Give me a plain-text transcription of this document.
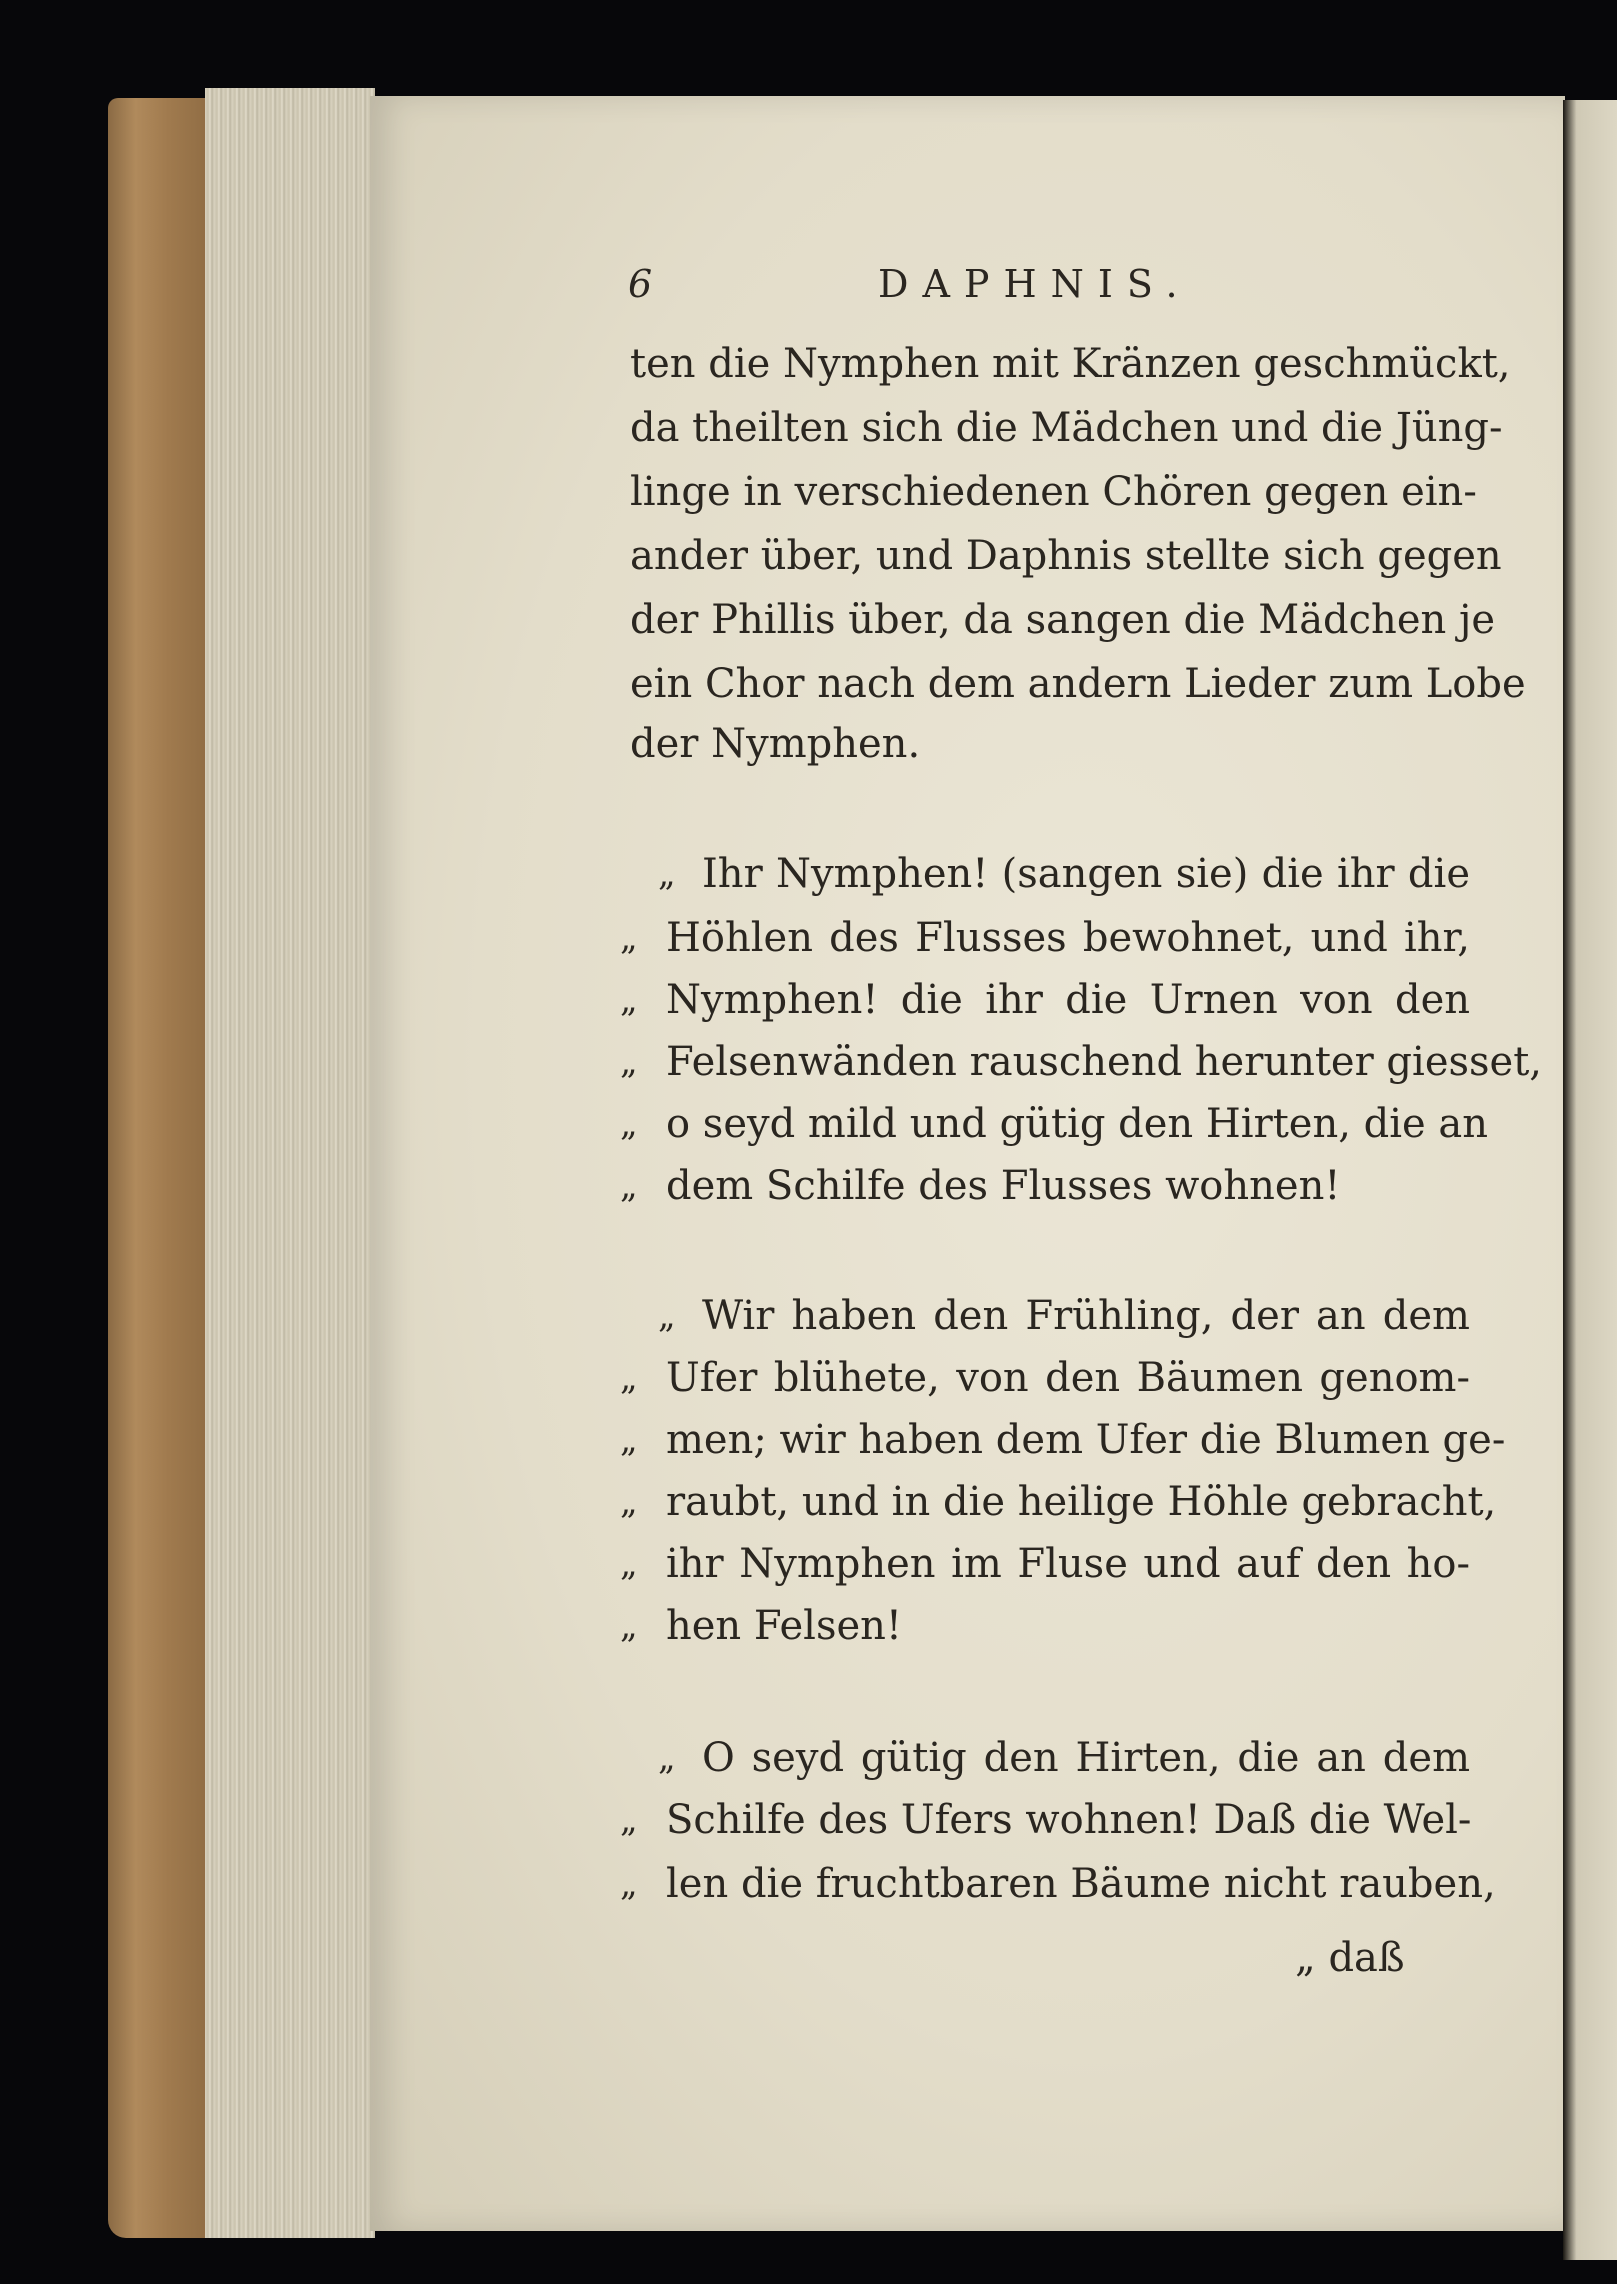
6	DAPHNIS.
ten die Nymphen mit Kränzen geschmückt,
da theilten sich die Mädchen und die Jüng-
linge in verschiedenen Chören gegen ein-
ander über, und Daphnis stellte sich gegen
der Phillis über, da sangen die Mädchen je
ein Chor nach dem andern Lieder zum Lobe
der Nymphen.
„ Ihr Nymphen! (sangen sie) die ihr die
„ Höhlen des Flusses bewohnet, und ihr,
„ Nymphen! die ihr die Urnen von den
„ Felsenwänden rauschend herunter giesset,
„ o seyd mild und gütig den Hirten, die an
„ dem Schilfe des Flusses wohnen!
„ Wir haben den Frühling, der an dem
„ Ufer blühete, von den Bäumen genom-
„ men; wir haben dem Ufer die Blumen ge-
„ raubt, und in die heilige Höhle gebracht,
„ ihr Nymphen im Fluse und auf den ho-
„ hen Felsen!
„ O seyd gütig den Hirten, die an dem
„ Schilfe des Ufers wohnen! Daß die Wel-
„ len die fruchtbaren Bäume nicht rauben,
„ daß
